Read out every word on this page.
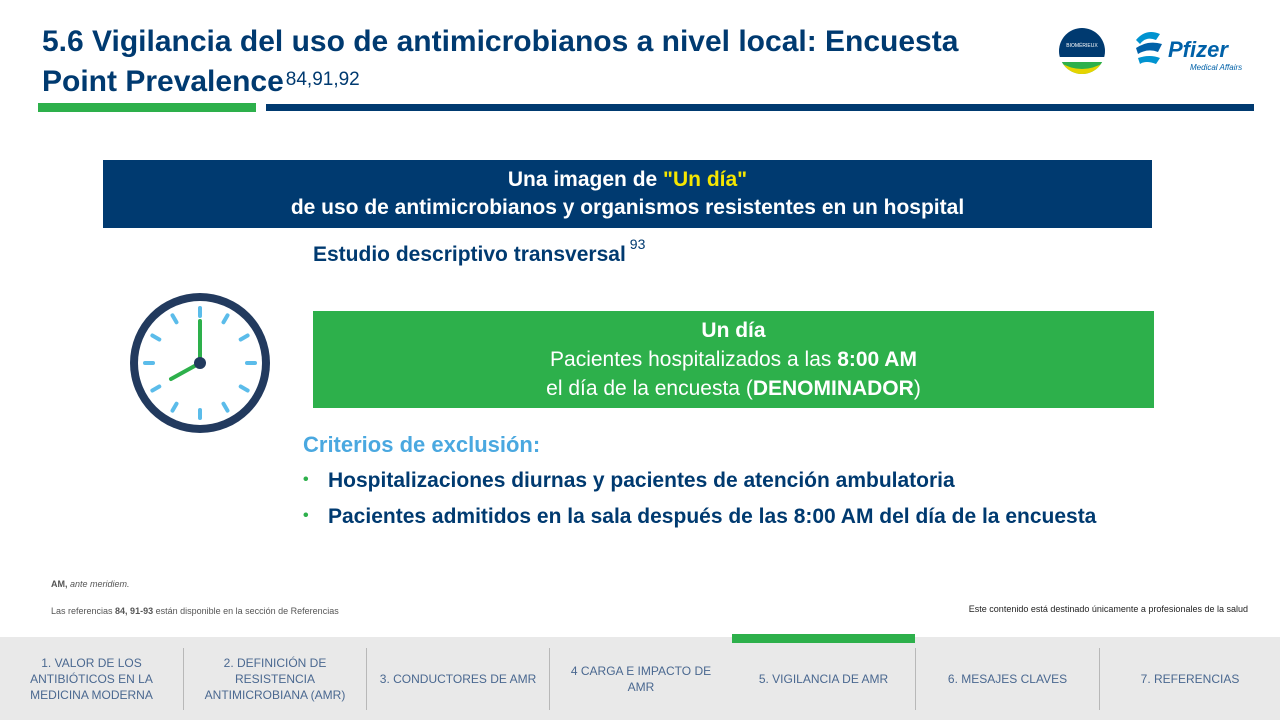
5.6 Vigilancia del uso de antimicrobianos a nivel local: Encuesta
Point Prevalence $^{84,91,92}$
BIOMÉRIEUX	Pfizer
Medical Affairs
Una imagen de "Un día"
de uso de antimicrobianos y organismos resistentes en un hospital
Estudio descriptivo transversal $^{93}$
Un día
Pacientes hospitalizados a las 8:00 AM
el día de la encuesta (DENOMINADOR)
Criterios de exclusión:
• Hospitalizaciones diurnas y pacientes de atención ambulatoria
• Pacientes admitidos en la sala después de las 8:00 AM del día de la encuesta
AM, ante meridiem.
Las referencias 84, 91-93 están disponible en la sección de Referencias	Este contenido está destinado únicamente a profesionales de la salud
1. VALOR DE LOS ANTIBIÓTICOS EN LA MEDICINA MODERNA
2. DEFINICIÓN DE RESISTENCIA ANTIMICROBIANA (AMR)
3. CONDUCTORES DE AMR
4 CARGA E IMPACTO DE AMR
5. VIGILANCIA DE AMR	6. MESAJES CLAVES	7. REFERENCIAS
